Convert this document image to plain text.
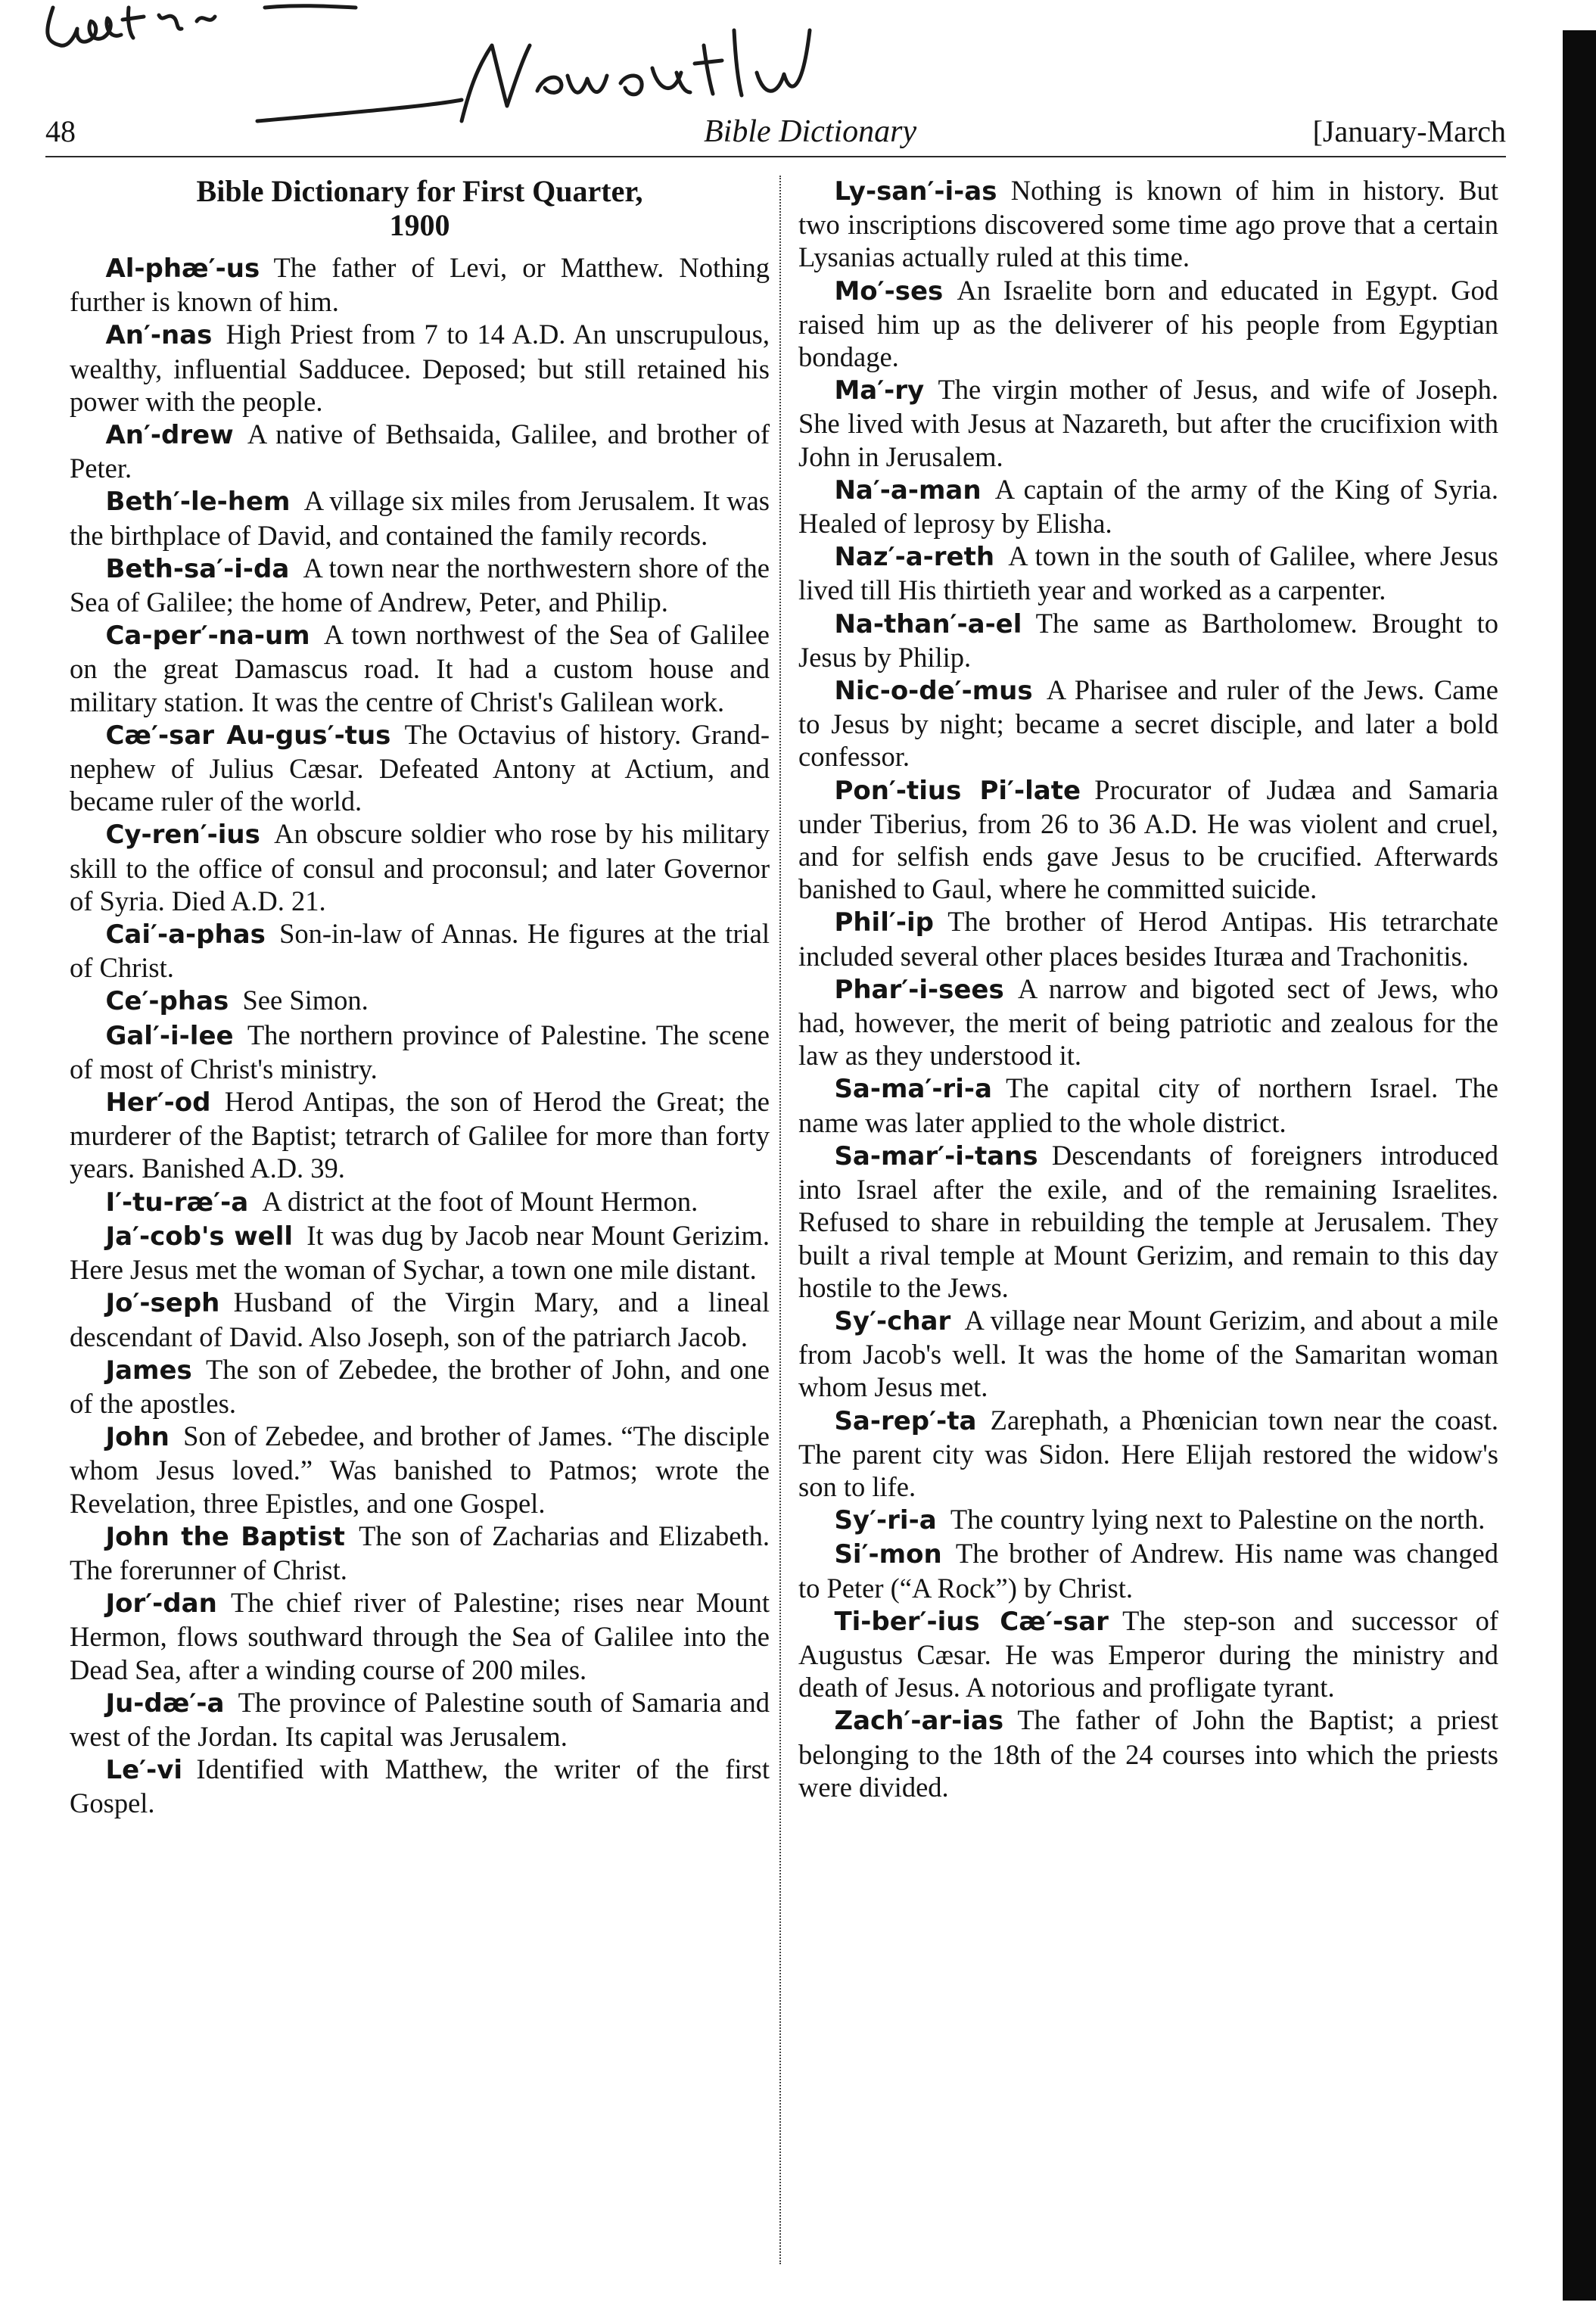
48	Bible Dictionary	[January-March
Bible Dictionary for First Quarter,
1900

Al-phæ′-us  The father of Levi, or Matthew. Nothing further is known of him.

An′-nas  High Priest from 7 to 14 A.D. An unscrupulous, wealthy, influential Sadducee. Deposed; but still retained his power with the people.

An′-drew  A native of Bethsaida, Galilee, and brother of Peter.

Beth′-le-hem  A village six miles from Jerusalem. It was the birthplace of David, and contained the family records.

Beth-sa′-i-da  A town near the northwestern shore of the Sea of Galilee; the home of Andrew, Peter, and Philip.

Ca-per′-na-um  A town northwest of the Sea of Galilee on the great Damascus road. It had a custom house and military station. It was the centre of Christ's Galilean work.

Cæ′-sar Au-gus′-tus  The Octavius of history. Grand-nephew of Julius Cæsar. Defeated Antony at Actium, and became ruler of the world.

Cy-ren′-ius  An obscure soldier who rose by his military skill to the office of consul and proconsul; and later Governor of Syria. Died A.D. 21.

Cai′-a-phas  Son-in-law of Annas. He figures at the trial of Christ.

Ce′-phas  See Simon.

Gal′-i-lee  The northern province of Palestine. The scene of most of Christ's ministry.

Her′-od  Herod Antipas, the son of Herod the Great; the murderer of the Baptist; tetrarch of Galilee for more than forty years. Banished A.D. 39.

I′-tu-ræ′-a  A district at the foot of Mount Hermon.

Ja′-cob's well  It was dug by Jacob near Mount Gerizim. Here Jesus met the woman of Sychar, a town one mile distant.

Jo′-seph  Husband of the Virgin Mary, and a lineal descendant of David. Also Joseph, son of the patriarch Jacob.

James  The son of Zebedee, the brother of John, and one of the apostles.

John  Son of Zebedee, and brother of James. “The disciple whom Jesus loved.” Was banished to Patmos; wrote the Revelation, three Epistles, and one Gospel.

John the Baptist  The son of Zacharias and Elizabeth. The forerunner of Christ.

Jor′-dan  The chief river of Palestine; rises near Mount Hermon, flows southward through the Sea of Galilee into the Dead Sea, after a winding course of 200 miles.

Ju-dæ′-a  The province of Palestine south of Samaria and west of the Jordan. Its capital was Jerusalem.

Le′-vi  Identified with Matthew, the writer of the first Gospel.

Ly-san′-i-as  Nothing is known of him in history. But two inscriptions discovered some time ago prove that a certain Lysanias actually ruled at this time.

Mo′-ses  An Israelite born and educated in Egypt. God raised him up as the deliverer of his people from Egyptian bondage.

Ma′-ry  The virgin mother of Jesus, and wife of Joseph. She lived with Jesus at Nazareth, but after the crucifixion with John in Jerusalem.

Na′-a-man  A captain of the army of the King of Syria. Healed of leprosy by Elisha.

Naz′-a-reth  A town in the south of Galilee, where Jesus lived till His thirtieth year and worked as a carpenter.

Na-than′-a-el  The same as Bartholomew. Brought to Jesus by Philip.

Nic-o-de′-mus  A Pharisee and ruler of the Jews. Came to Jesus by night; became a secret disciple, and later a bold confessor.

Pon′-tius Pi′-late  Procurator of Judæa and Samaria under Tiberius, from 26 to 36 A.D. He was violent and cruel, and for selfish ends gave Jesus to be crucified. Afterwards banished to Gaul, where he committed suicide.

Phil′-ip  The brother of Herod Antipas. His tetrarchate included several other places besides Ituræa and Trachonitis.

Phar′-i-sees  A narrow and bigoted sect of Jews, who had, however, the merit of being patriotic and zealous for the law as they understood it.

Sa-ma′-ri-a  The capital city of northern Israel. The name was later applied to the whole district.

Sa-mar′-i-tans  Descendants of foreigners introduced into Israel after the exile, and of the remaining Israelites. Refused to share in rebuilding the temple at Jerusalem. They built a rival temple at Mount Gerizim, and remain to this day hostile to the Jews.

Sy′-char  A village near Mount Gerizim, and about a mile from Jacob's well. It was the home of the Samaritan woman whom Jesus met.

Sa-rep′-ta  Zarephath, a Phœnician town near the coast. The parent city was Sidon. Here Elijah restored the widow's son to life.

Sy′-ri-a  The country lying next to Palestine on the north.

Si′-mon  The brother of Andrew. His name was changed to Peter (“A Rock”) by Christ.

Ti-ber′-ius Cæ′-sar  The step-son and successor of Augustus Cæsar. He was Emperor during the ministry and death of Jesus. A notorious and profligate tyrant.

Zach′-ar-ias  The father of John the Baptist; a priest belonging to the 18th of the 24 courses into which the priests were divided.
